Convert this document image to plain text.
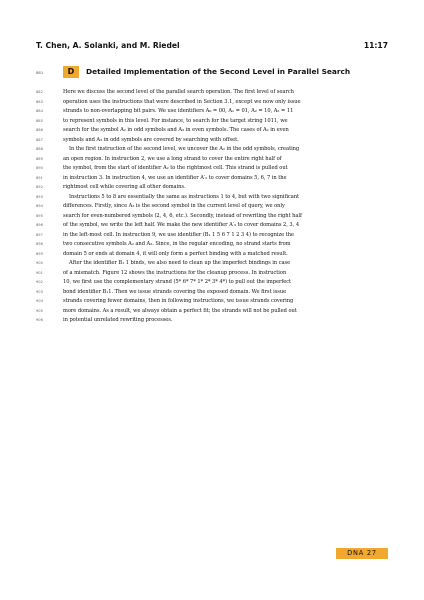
T. Chen, A. Solanki, and M. Riedel	11:17
881	D	Detailed Implementation of the Second Level in Parallel Search
882	Here we discuss the second level of the parallel search operation. The first level of search
883	operation uses the instructions that were described in Section 3.1, except we now only issue
884	strands to non-overlapping bit pairs. We use identifiers A₀ = 00, A₁ = 01, A₂ = 10, A₃ = 11
885	to represent symbols in this level. For instance, to search for the target string 1011, we
886	search for the symbol A₂ in odd symbols and A₃ in even symbols. The cases of A₂ in even
887	symbols and A₃ in odd symbols are covered by searching with offset.
888	In the first instruction of the second level, we uncover the A₂ in the odd symbols, creating
889	an open region. In instruction 2, we use a long strand to cover the entire right half of
890	the symbol, from the start of identifier A₂ to the rightmost cell. This strand is pulled out
891	in instruction 3. In instruction 4, we use an identifier A′₂ to cover domains 5, 6, 7 in the
892	rightmost cell while covering all other domains.
893	Instructions 5 to 8 are essentially the same as instructions 1 to 4, but with two significant
894	differences. Firstly, since A₃ is the second symbol in the current level of query, we only
895	search for even-numbered symbols (2, 4, 6, etc.). Secondly, instead of rewriting the right half
896	of the symbol, we write the left half. We make the new identifier A′₃ to cover domains 2, 3, 4
897	in the left-most cell. In instruction 9, we use identifier (B₁ 1 5 6 7 1 2 3 4) to recognize the
898	two consecutive symbols A₂ and A₃. Since, in the regular encoding, no strand starts from
899	domain 5 or ends at domain 4, it will only form a perfect binding with a matched result.
900	After the identifier B₁ 1 binds, we also need to clean up the imperfect bindings in case
901	of a mismatch. Figure 12 shows the instructions for the cleanup process. In instruction
902	10, we first use the complementary strand (5* 6* 7* 1* 2* 3* 4*) to pull out the imperfect
903	bond identifier B₁1. Then we issue strands covering the exposed domain. We first issue
904	strands covering fewer domains, then in following instructions, we issue strands covering
905	more domains. As a result, we always obtain a perfect fit; the strands will not be pulled out
906	in potential unrelated rewriting processes.
DNA 27
